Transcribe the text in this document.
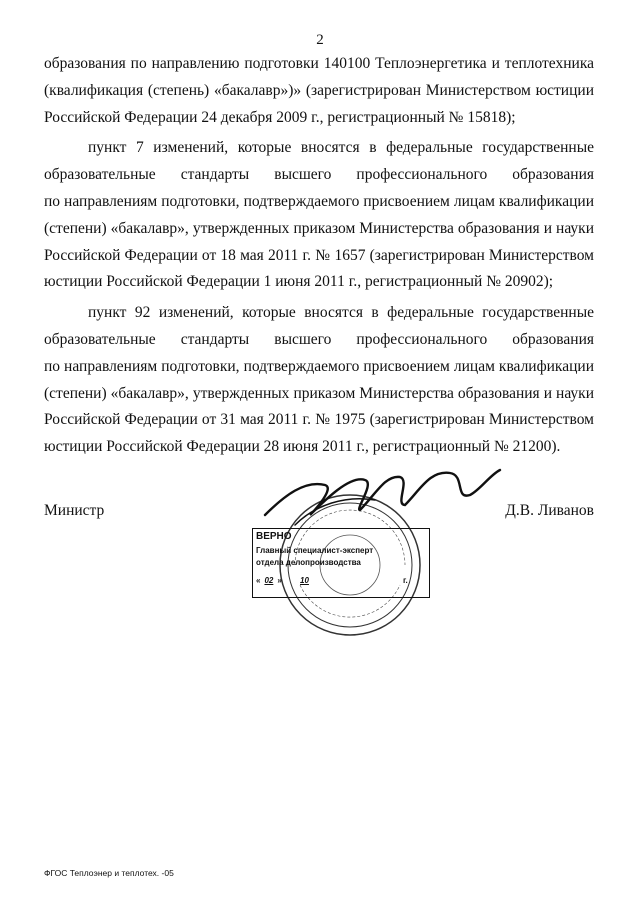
2

образования по направлению подготовки 140100 Теплоэнергетика и теплотехника
(квалификация (степень) «бакалавр»)» (зарегистрирован Министерством юстиции
Российской Федерации 24 декабря 2009 г., регистрационный № 15818);

пункт 7 изменений, которые вносятся в федеральные государственные
образовательные стандарты высшего профессионального образования
по направлениям подготовки, подтверждаемого присвоением лицам квалификации
(степени) «бакалавр», утвержденных приказом Министерства образования и науки
Российской Федерации от 18 мая 2011 г. № 1657 (зарегистрирован Министерством
юстиции Российской Федерации 1 июня 2011 г., регистрационный № 20902);

пункт 92 изменений, которые вносятся в федеральные государственные
образовательные стандарты высшего профессионального образования
по направлениям подготовки, подтверждаемого присвоением лицам квалификации
(степени) «бакалавр», утвержденных приказом Министерства образования и науки
Российской Федерации от 31 мая 2011 г. № 1975 (зарегистрирован Министерством
юстиции Российской Федерации 28 июня 2011 г., регистрационный № 21200).

Министр	Д.В. Ливанов
ВЕРНО
Главный специалист-эксперт
отдела делопроизводства
« 02 » 10	г.
ФГОС Теплоэнер и теплотех. -05
